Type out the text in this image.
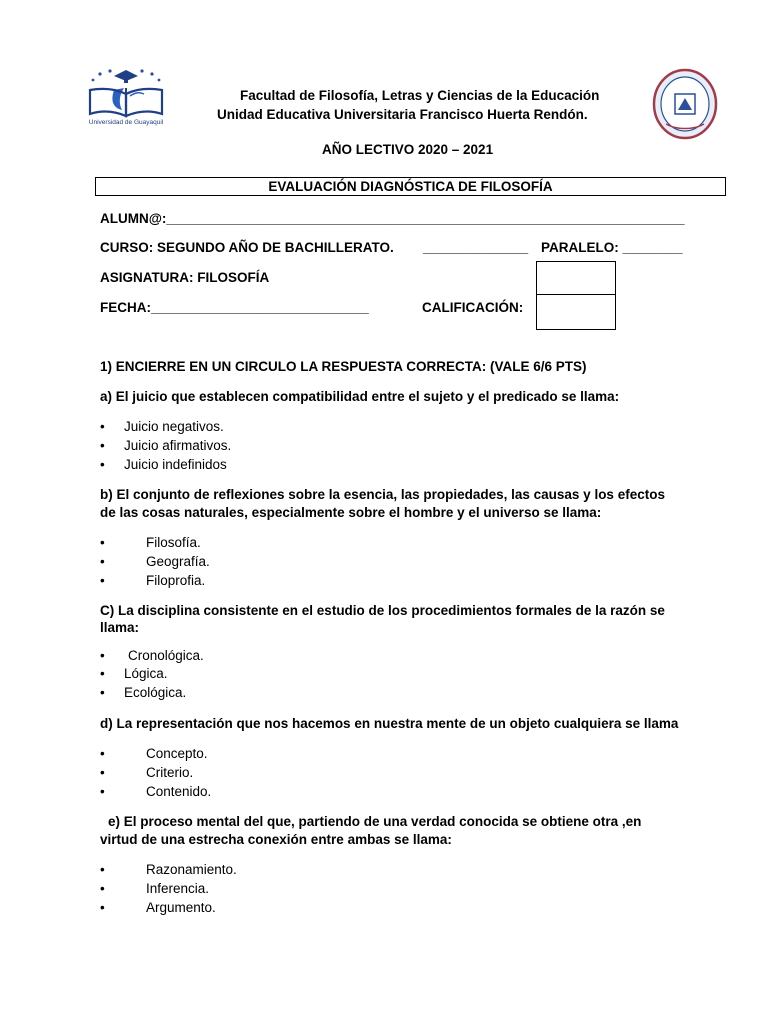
Universidad de Guayaquil
Facultad de Filosofía, Letras y Ciencias de la Educación
Unidad Educativa Universitaria Francisco Huerta Rendón.
AÑO LECTIVO 2020 – 2021
EVALUACIÓN DIAGNÓSTICA DE FILOSOFÍA
ALUMN@:_____________________________________________________________________
CURSO: SEGUNDO AÑO DE BACHILLERATO. ______________ PARALELO: ________
ASIGNATURA: FILOSOFÍA
FECHA:_____________________________	CALIFICACIÓN:
1) ENCIERRE EN UN CIRCULO LA RESPUESTA CORRECTA: (VALE 6/6 PTS)
a) El juicio que establecen compatibilidad entre el sujeto y el predicado se llama:
• Juicio negativos.
• Juicio afirmativos.
• Juicio indefinidos
b) El conjunto de reflexiones sobre la esencia, las propiedades, las causas y los efectos
de las cosas naturales, especialmente sobre el hombre y el universo se llama:
•	Filosofía.
•	Geografía.
•	Filoprofia.
C) La disciplina consistente en el estudio de los procedimientos formales de la razón se
llama:
• Cronológica.
• Lógica.
• Ecológica.
d) La representación que nos hacemos en nuestra mente de un objeto cualquiera se llama
•	Concepto.
•	Criterio.
•	Contenido.
e) El proceso mental del que, partiendo de una verdad conocida se obtiene otra ,en
virtud de una estrecha conexión entre ambas se llama:
•	Razonamiento.
•	Inferencia.
•	Argumento.
